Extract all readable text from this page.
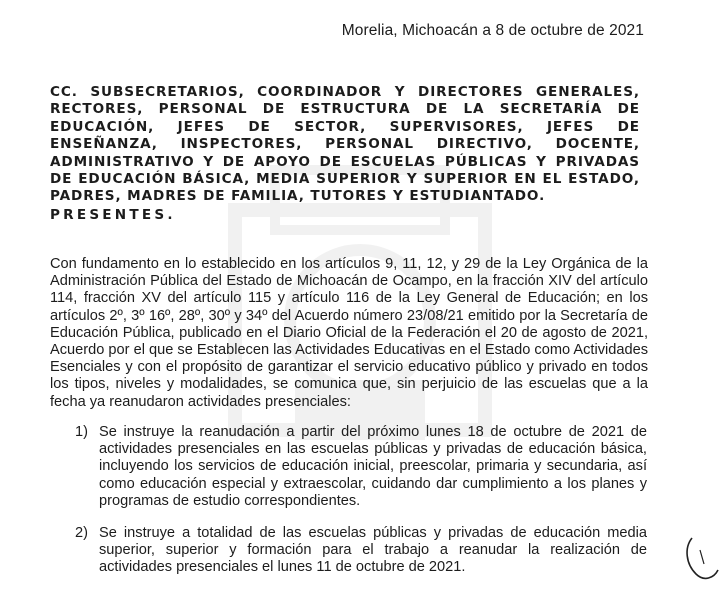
Morelia, Michoacán a 8 de octubre de 2021
CC. SUBSECRETARIOS, COORDINADOR Y DIRECTORES GENERALES, RECTORES, PERSONAL DE ESTRUCTURA DE LA SECRETARÍA DE EDUCACIÓN, JEFES DE SECTOR, SUPERVISORES, JEFES DE ENSEÑANZA, INSPECTORES, PERSONAL DIRECTIVO, DOCENTE, ADMINISTRATIVO Y DE APOYO DE ESCUELAS PÚBLICAS Y PRIVADAS DE EDUCACIÓN BÁSICA, MEDIA SUPERIOR Y SUPERIOR EN EL ESTADO, PADRES, MADRES DE FAMILIA, TUTORES Y ESTUDIANTADO.
PRESENTES.

Con fundamento en lo establecido en los artículos 9, 11, 12, y 29 de la Ley Orgánica de la Administración Pública del Estado de Michoacán de Ocampo, en la fracción XIV del artículo 114, fracción XV del artículo 115 y artículo 116 de la Ley General de Educación; en los artículos 2º, 3º 16º, 28º, 30º y 34º del Acuerdo número 23/08/21 emitido por la Secretaría de Educación Pública, publicado en el Diario Oficial de la Federación el 20 de agosto de 2021, Acuerdo por el que se Establecen las Actividades Educativas en el Estado como Actividades Esenciales y con el propósito de garantizar el servicio educativo público y privado en todos los tipos, niveles y modalidades, se comunica que, sin perjuicio de las escuelas que a la fecha ya reanudaron actividades presenciales:

1) Se instruye la reanudación a partir del próximo lunes 18 de octubre de 2021 de actividades presenciales en las escuelas públicas y privadas de educación básica, incluyendo los servicios de educación inicial, preescolar, primaria y secundaria, así como educación especial y extraescolar, cuidando dar cumplimiento a los planes y programas de estudio correspondientes.
2) Se instruye a totalidad de las escuelas públicas y privadas de educación media superior, superior y formación para el trabajo a reanudar la realización de actividades presenciales el lunes 11 de octubre de 2021.
